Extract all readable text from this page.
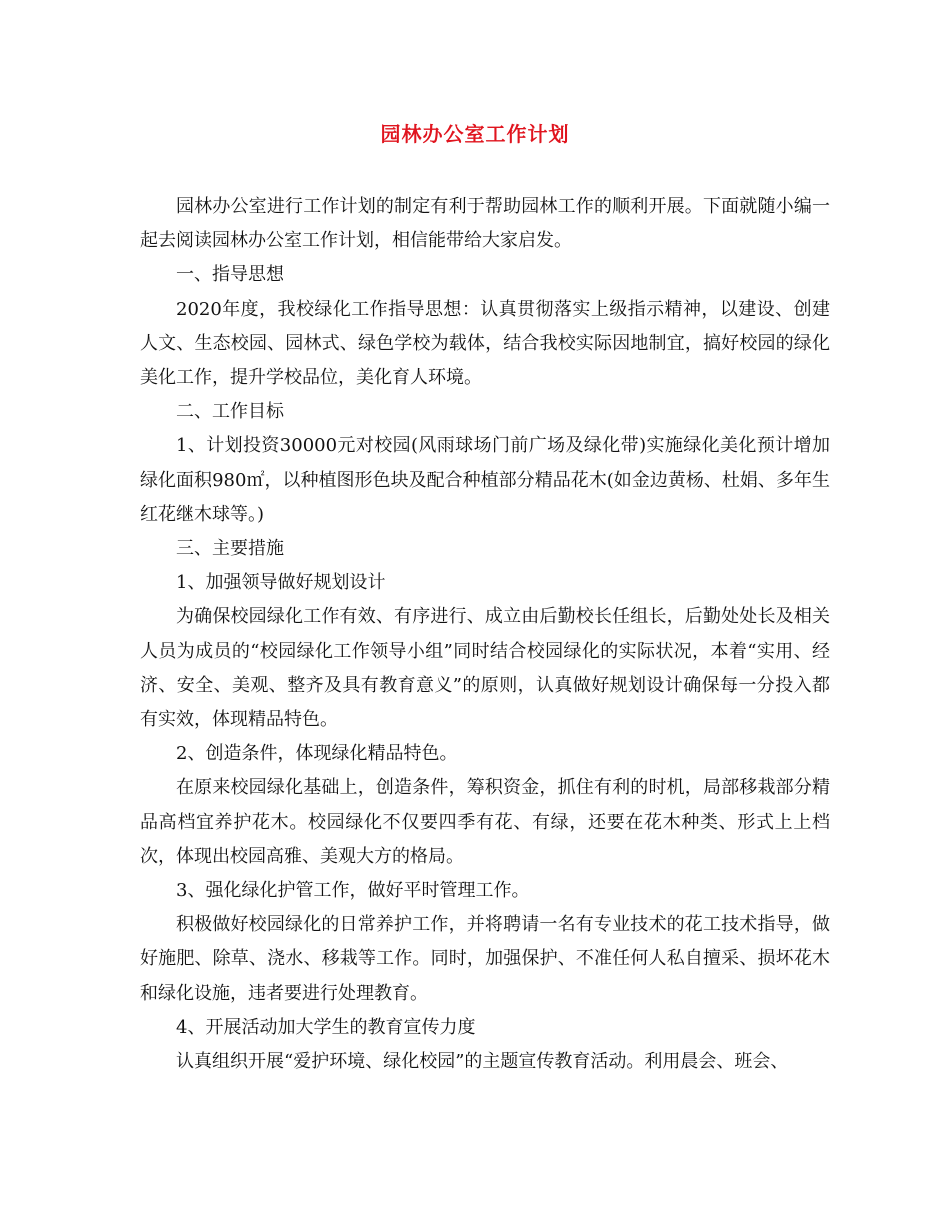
园林办公室工作计划

园林办公室进行工作计划的制定有利于帮助园林工作的顺利开展。下面就随小编一起去阅读园林办公室工作计划，相信能带给大家启发。

一、指导思想

2020年度，我校绿化工作指导思想：认真贯彻落实上级指示精神，以建设、创建人文、生态校园、园林式、绿色学校为载体，结合我校实际因地制宜，搞好校园的绿化美化工作，提升学校品位，美化育人环境。

二、工作目标

1、计划投资30000元对校园(风雨球场门前广场及绿化带)实施绿化美化预计增加绿化面积980㎡，以种植图形色块及配合种植部分精品花木(如金边黄杨、杜娟、多年生红花继木球等。)

三、主要措施

1、加强领导做好规划设计

为确保校园绿化工作有效、有序进行、成立由后勤校长任组长，后勤处处长及相关人员为成员的“校园绿化工作领导小组”同时结合校园绿化的实际状况，本着“实用、经济、安全、美观、整齐及具有教育意义”的原则，认真做好规划设计确保每一分投入都有实效，体现精品特色。

2、创造条件，体现绿化精品特色。

在原来校园绿化基础上，创造条件，筹积资金，抓住有利的时机，局部移栽部分精品高档宜养护花木。校园绿化不仅要四季有花、有绿，还要在花木种类、形式上上档次，体现出校园高雅、美观大方的格局。

3、强化绿化护管工作，做好平时管理工作。

积极做好校园绿化的日常养护工作，并将聘请一名有专业技术的花工技术指导，做好施肥、除草、浇水、移栽等工作。同时，加强保护、不准任何人私自擅采、损坏花木和绿化设施，违者要进行处理教育。

4、开展活动加大学生的教育宣传力度

认真组织开展“爱护环境、绿化校园”的主题宣传教育活动。利用晨会、班会、
